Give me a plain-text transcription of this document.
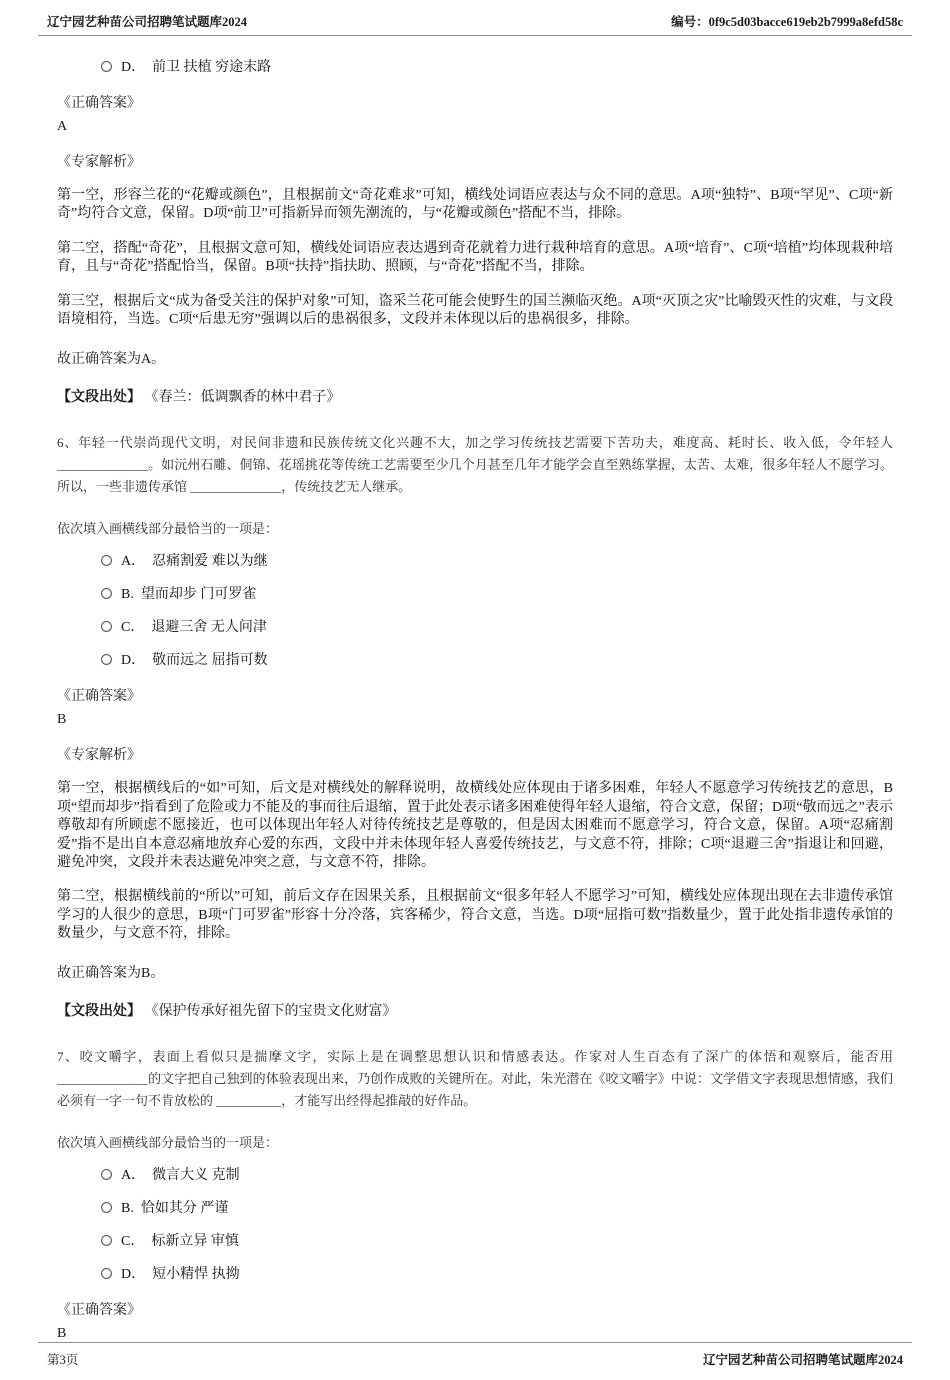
辽宁园艺种苗公司招聘笔试题库2024	编号：0f9c5d03bacce619eb2b7999a8efd58c
D．  前卫 扶植 穷途末路
《正确答案》
A
《专家解析》

第一空，形容兰花的“花瓣或颜色”，且根据前文“奇花难求”可知，横线处词语应表达与众不同的意思。A项“独特”、B项“罕见”、C项“新奇”均符合文意，保留。D项“前卫”可指新异而领先潮流的，与“花瓣或颜色”搭配不当，排除。

第二空，搭配“奇花”，且根据文意可知，横线处词语应表达遇到奇花就着力进行栽种培育的意思。A项“培育”、C项“培植”均体现栽种培育，且与“奇花”搭配恰当，保留。B项“扶持”指扶助、照顾，与“奇花”搭配不当，排除。

第三空，根据后文“成为备受关注的保护对象”可知，盗采兰花可能会使野生的国兰濒临灭绝。A项“灭顶之灾”比喻毁灭性的灾难，与文段语境相符，当选。C项“后患无穷”强调以后的患祸很多，文段并未体现以后的患祸很多，排除。

故正确答案为A。
【文段出处】 《春兰：低调飘香的林中君子》

6、年轻一代崇尚现代文明，对民间非遗和民族传统文化兴趣不大，加之学习传统技艺需要下苦功夫，难度高、耗时长、收入低，令年轻人______________。如沅州石雕、侗锦、花瑶挑花等传统工艺需要至少几个月甚至几年才能学会直至熟练掌握，太苦、太难，很多年轻人不愿学习。所以，一些非遗传承馆 ______________，传统技艺无人继承。

依次填入画横线部分最恰当的一项是：
A．  忍痛割爱 难以为继
B.  望而却步 门可罗雀
C．  退避三舍 无人问津
D．  敬而远之 屈指可数
《正确答案》
B
《专家解析》

第一空，根据横线后的“如”可知，后文是对横线处的解释说明，故横线处应体现由于诸多困难，年轻人不愿意学习传统技艺的意思，B项“望而却步”指看到了危险或力不能及的事而往后退缩，置于此处表示诸多困难使得年轻人退缩，符合文意，保留；D项“敬而远之”表示尊敬却有所顾虑不愿接近，也可以体现出年轻人对待传统技艺是尊敬的，但是因太困难而不愿意学习，符合文意，保留。A项“忍痛割爱”指不是出自本意忍痛地放弃心爱的东西，文段中并未体现年轻人喜爱传统技艺，与文意不符，排除；C项“退避三舍”指退让和回避，避免冲突，文段并未表达避免冲突之意，与文意不符，排除。

第二空，根据横线前的“所以”可知，前后文存在因果关系，且根据前文“很多年轻人不愿学习”可知，横线处应体现出现在去非遗传承馆学习的人很少的意思，B项“门可罗雀”形容十分冷落，宾客稀少，符合文意，当选。D项“屈指可数”指数量少，置于此处指非遗传承馆的数量少，与文意不符，排除。

故正确答案为B。
【文段出处】 《保护传承好祖先留下的宝贵文化财富》

7、咬文嚼字，表面上看似只是揣摩文字，实际上是在调整思想认识和情感表达。作家对人生百态有了深广的体悟和观察后，能否用______________的文字把自己独到的体验表现出来，乃创作成败的关键所在。对此，朱光潜在《咬文嚼字》中说：文学借文字表现思想情感，我们必须有一字一句不肯放松的 __________，才能写出经得起推敲的好作品。

依次填入画横线部分最恰当的一项是：
A．  微言大义 克制
B.  恰如其分 严谨
C．  标新立异 审慎
D．  短小精悍 执拗
《正确答案》
B
第3页	辽宁园艺种苗公司招聘笔试题库2024
